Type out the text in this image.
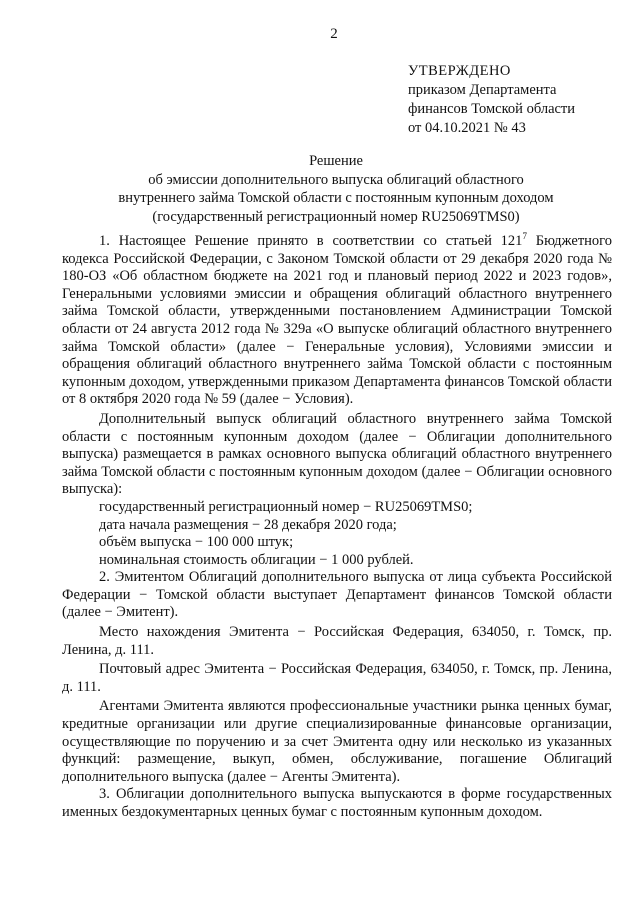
2
УТВЕРЖДЕНО
приказом Департамента
финансов Томской области
от 04.10.2021 № 43
Решение
об эмиссии дополнительного выпуска облигаций областного
внутреннего займа Томской области с постоянным купонным доходом
(государственный регистрационный номер RU25069TMS0)

1. Настоящее Решение принято в соответствии со статьей $121^7$ Бюджетного кодекса Российской Федерации, с Законом Томской области от 29 декабря 2020 года № 180-ОЗ «Об областном бюджете на 2021 год и плановый период 2022 и 2023 годов», Генеральными условиями эмиссии и обращения облигаций областного внутреннего займа Томской области, утвержденными постановлением Администрации Томской области от 24 августа 2012 года № 329а «О выпуске облигаций областного внутреннего займа Томской области» (далее − Генеральные условия), Условиями эмиссии и обращения облигаций областного внутреннего займа Томской области с постоянным купонным доходом, утвержденными приказом Департамента финансов Томской области от 8 октября 2020 года № 59 (далее − Условия).

Дополнительный выпуск облигаций областного внутреннего займа Томской области с постоянным купонным доходом (далее − Облигации дополнительного выпуска) размещается в рамках основного выпуска облигаций областного внутреннего займа Томской области с постоянным купонным доходом (далее − Облигации основного выпуска):

государственный регистрационный номер − RU25069TMS0;

дата начала размещения − 28 декабря 2020 года;

объём выпуска − 100 000 штук;

номинальная стоимость облигации − 1 000 рублей.

2. Эмитентом Облигаций дополнительного выпуска от лица субъекта Российской Федерации − Томской области выступает Департамент финансов Томской области (далее − Эмитент).

Место нахождения Эмитента − Российская Федерация, 634050, г. Томск, пр. Ленина, д. 111.

Почтовый адрес Эмитента − Российская Федерация, 634050, г. Томск, пр. Ленина, д. 111.

Агентами Эмитента являются профессиональные участники рынка ценных бумаг, кредитные организации или другие специализированные финансовые организации, осуществляющие по поручению и за счет Эмитента одну или несколько из указанных функций: размещение, выкуп, обмен, обслуживание, погашение Облигаций дополнительного выпуска (далее − Агенты Эмитента).

3. Облигации дополнительного выпуска выпускаются в форме государственных именных бездокументарных ценных бумаг с постоянным купонным доходом.
